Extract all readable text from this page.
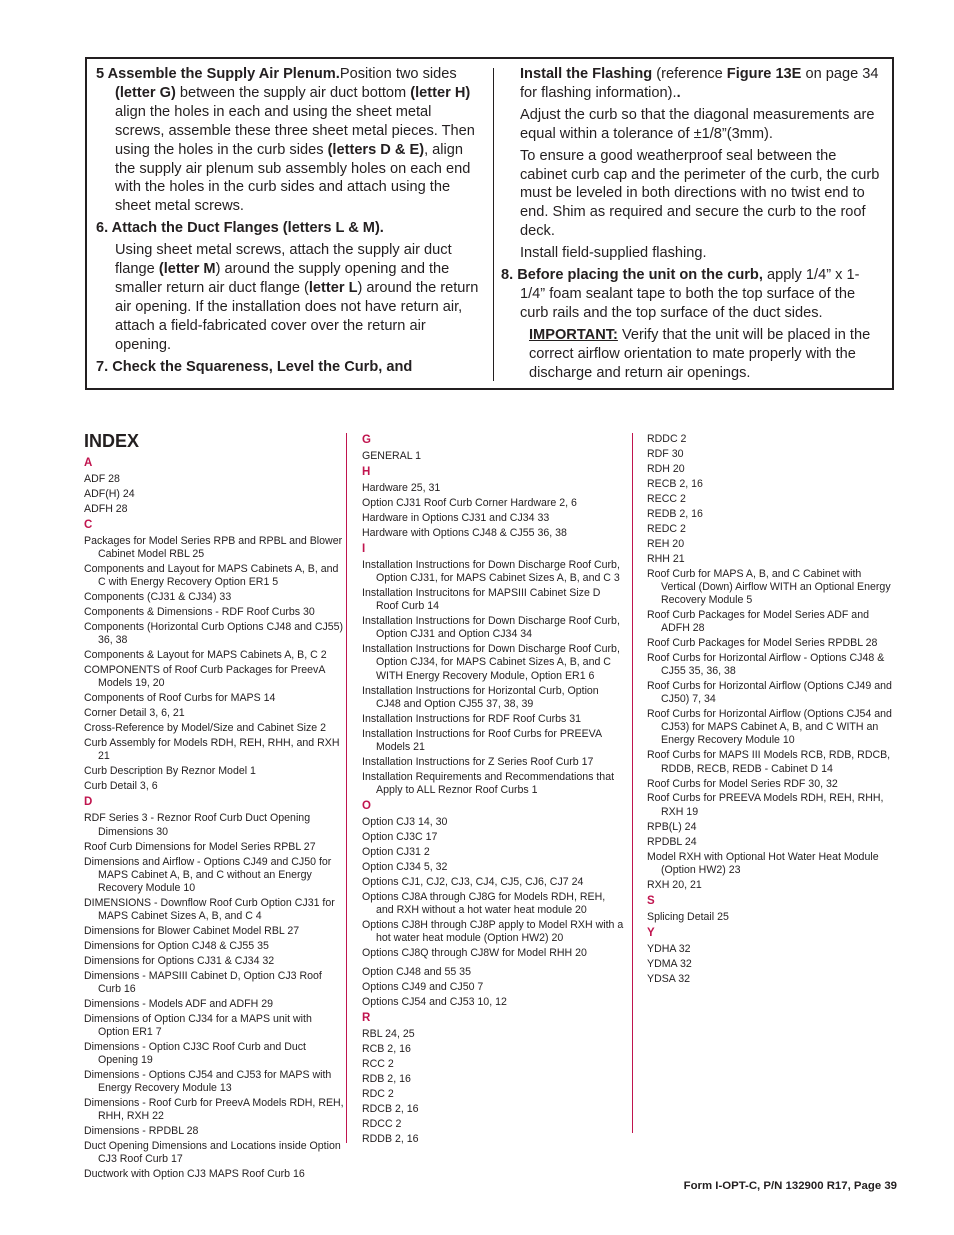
5 Assemble the Supply Air Plenum.Position two sides (letter G) between the supply air duct bottom (letter H) align the holes in each and using the sheet metal screws, assemble these three sheet metal pieces. Then using the holes in the curb sides (letters D & E), align the supply air plenum sub assembly holes on each end with the holes in the curb sides and attach using the sheet metal screws.
6. Attach the Duct Flanges (letters L & M).
Using sheet metal screws, attach the supply air duct flange (letter M) around the supply opening and the smaller return air duct flange (letter L) around the return air opening. If the installation does not have return air, attach a field-fabricated cover over the return air opening.
7. Check the Squareness, Level the Curb, and
Install the Flashing (reference Figure 13E on page 34 for flashing information)..
Adjust the curb so that the diagonal measurements are equal within a tolerance of ±1/8”(3mm).
To ensure a good weatherproof seal between the cabinet curb cap and the perimeter of the curb, the curb must be leveled in both directions with no twist end to end. Shim as required and secure the curb to the roof deck.
Install field-supplied flashing.
8. Before placing the unit on the curb, apply 1/4” x 1-1/4” foam sealant tape to both the top surface of the curb rails and the top surface of the duct sides.
IMPORTANT: Verify that the unit will be placed in the correct airflow orientation to mate properly with the discharge and return air openings.
INDEX
A
ADF 28
ADF(H) 24
ADFH 28
C
Packages for Model Series RPB and RPBL and Blower Cabinet Model RBL 25
Components and Layout for MAPS Cabinets A, B, and C with Energy Recovery Option ER1 5
Components (CJ31 & CJ34) 33
Components & Dimensions - RDF Roof Curbs 30
Components (Horizontal Curb Options CJ48 and CJ55) 36, 38
Components & Layout for MAPS Cabinets A, B, C 2
COMPONENTS of Roof Curb Packages for PreevA Models 19, 20
Components of Roof Curbs for MAPS 14
Corner Detail 3, 6, 21
Cross-Reference by Model/Size and Cabinet Size 2
Curb Assembly for Models RDH, REH, RHH, and RXH 21
Curb Description By Reznor Model 1
Curb Detail 3, 6
D
RDF Series 3 - Reznor Roof Curb Duct Opening Dimensions 30
Roof Curb Dimensions for Model Series RPBL 27
Dimensions and Airflow - Options CJ49 and CJ50 for MAPS Cabinet A, B, and C without an Energy Recovery Module 10
DIMENSIONS - Downflow Roof Curb Option CJ31 for MAPS Cabinet Sizes A, B, and C 4
Dimensions for Blower Cabinet Model RBL 27
Dimensions for Option CJ48 & CJ55 35
Dimensions for Options CJ31 & CJ34 32
Dimensions - MAPSIII Cabinet D, Option CJ3 Roof Curb 16
Dimensions - Models ADF and ADFH 29
Dimensions of Option CJ34 for a MAPS unit with Option ER1 7
Dimensions - Option CJ3C Roof Curb and Duct Opening 19
Dimensions - Options CJ54 and CJ53 for MAPS with Energy Recovery Module 13
Dimensions - Roof Curb for PreevA Models RDH, REH, RHH, RXH 22
Dimensions - RPDBL 28
Duct Opening Dimensions and Locations inside Option CJ3 Roof Curb 17
Ductwork with Option CJ3 MAPS Roof Curb 16
G
GENERAL 1
H
Hardware 25, 31
Option CJ31 Roof Curb Corner Hardware 2, 6
Hardware in Options CJ31 and CJ34 33
Hardware with Options CJ48 & CJ55 36, 38
I
Installation Instructions for Down Discharge Roof Curb, Option CJ31, for MAPS Cabinet Sizes A, B, and C 3
Installation Instrucitons for MAPSIII Cabinet Size D Roof Curb 14
Installation Instructions for Down Discharge Roof Curb, Option CJ31 and Option CJ34 34
Installation Instructions for Down Discharge Roof Curb, Option CJ34, for MAPS Cabinet Sizes A, B, and C WITH Energy Recovery Module, Option ER1 6
Installation Instructions for Horizontal Curb, Option CJ48 and Option CJ55 37, 38, 39
Installation Instructions for RDF Roof Curbs 31
Installation Instructions for Roof Curbs for PREEVA Models 21
Installation Instructions for Z Series Roof Curb 17
Installation Requirements and Recommendations that Apply to ALL Reznor Roof Curbs 1
O
Option CJ3 14, 30
Option CJ3C 17
Option CJ31 2
Option CJ34 5, 32
Options CJ1, CJ2, CJ3, CJ4, CJ5, CJ6, CJ7 24
Options CJ8A through CJ8G for Models RDH, REH, and RXH without a hot water heat module 20
Options CJ8H through CJ8P apply to Model RXH with a hot water heat module (Option HW2) 20
Options CJ8Q through CJ8W for Model RHH 20
Option CJ48 and 55 35
Options CJ49 and CJ50 7
Options CJ54 and CJ53 10, 12
R
RBL 24, 25
RCB 2, 16
RCC 2
RDB 2, 16
RDC 2
RDCB 2, 16
RDCC 2
RDDB 2, 16
RDDC 2
RDF 30
RDH 20
RECB 2, 16
RECC 2
REDB 2, 16
REDC 2
REH 20
RHH 21
Roof Curb for MAPS A, B, and C Cabinet with Vertical (Down) Airflow WITH an Optional Energy Recovery Module 5
Roof Curb Packages for Model Series ADF and ADFH 28
Roof Curb Packages for Model Series RPDBL 28
Roof Curbs for Horizontal Airflow - Options CJ48 & CJ55 35, 36, 38
Roof Curbs for Horizontal Airflow (Options CJ49 and CJ50) 7, 34
Roof Curbs for Horizontal Airflow (Options CJ54 and CJ53) for MAPS Cabinet A, B, and C WITH an Energy Recovery Module 10
Roof Curbs for MAPS III Models RCB, RDB, RDCB, RDDB, RECB, REDB - Cabinet D 14
Roof Curbs for Model Series RDF 30, 32
Roof Curbs for PREEVA Models RDH, REH, RHH, RXH 19
RPB(L) 24
RPDBL 24
Model RXH with Optional Hot Water Heat Module (Option HW2) 23
RXH 20, 21
S
Splicing Detail 25
Y
YDHA 32
YDMA 32
YDSA 32
Form I-OPT-C, P/N 132900 R17, Page 39
